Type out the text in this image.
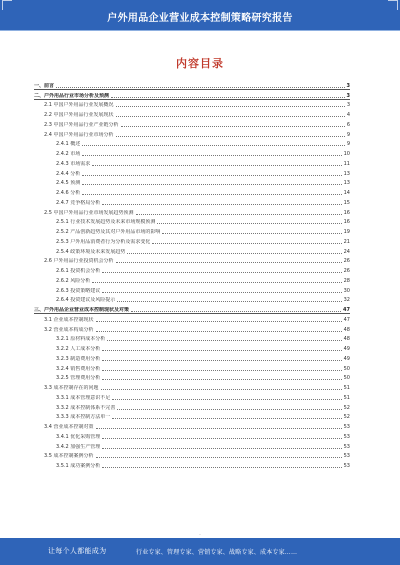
户外用品企业营业成本控制策略研究报告
内容目录
一、前言	3
二、户外用品行业市场分析及预测	3
2.1 中国户外用品行业发展概况	3
2.2 中国户外用品行业发展现状	4
2.3 中国户外用品行业产业链分析	6
2.4 中国户外用品行业市场分析	9
2.4.1 概述	9
2.4.2 市场	10
2.4.3 市场需求	11
2.4.4 分析	13
2.4.5 预测	13
2.4.6 分析	14
2.4.7 竞争格局分析	15
2.5 中国户外用品行业市场发展趋势预测	16
2.5.1 行业技术发展趋势及未来市场规模预测	16
2.5.2 产品创新趋势及其对户外用品市场的影响	19
2.5.3 户外用品消费者行为分析及需求变化	21
2.5.4 政策环境及未来发展趋势	24
2.6 户外用品行业投资机会分析	26
2.6.1 投资机会分析	26
2.6.2 风险分析	28
2.6.3 投资策略建议	30
2.6.4 投资建议及风险提示	32
三、户外用品企业营业成本控制现状及对策	47
3.1 企业成本控制现状	47
3.2 营业成本构成分析	48
3.2.1 原材料成本分析	48
3.2.2 人工成本分析	49
3.2.3 制造费用分析	49
3.2.4 销售费用分析	50
3.2.5 管理费用分析	50
3.3 成本控制存在的问题	51
3.3.1 成本管理意识不足	51
3.3.2 成本控制体系不完善	52
3.3.3 成本控制方法单一	52
3.4 营业成本控制对策	53
3.4.1 优化采购管理	53
3.4.2 加强生产管理	53
3.5 成本控制案例分析	53
3.5.1 成功案例分析	53
-
让每个人都能成为	行业专家、管理专家、营销专家、战略专家、成本专家……
